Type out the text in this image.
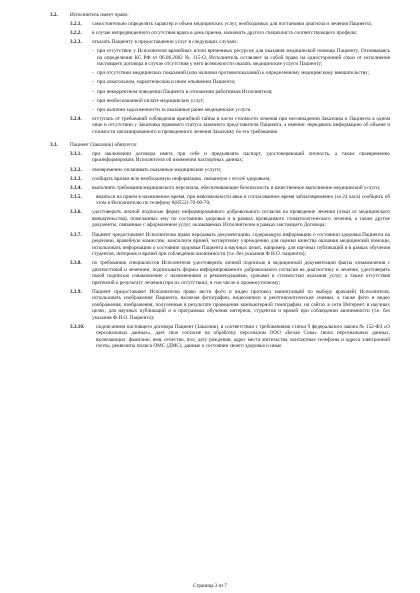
3.2.	Исполнитель имеет право:
3.2.1.	самостоятельно определять характер и объем медицинских услуг, необходимых для постановки диагноза и лечения Пациента;
3.2.2.	в случае непредвиденного отсутствия врача в день приема, назначить другого специалиста соответствующего профиля;
3.2.3.	отказать Пациенту в предоставлении услуг в следующих случаях:
- при отсутствии у Исполнителя врачебных и/или временных ресурсов для оказания медицинской помощи Пациенту. Основываясь на определении КС РФ от 06.06.2002 № 115-О, Исполнитель оставляет за собой право на односторонний отказ от исполнения настоящего договора в случае отсутствия у него возможности оказать медицинские услуги Пациенту;
- при отсутствии медицинских показаний (или наличии противопоказаний) к определенному медицинскому вмешательству;
- при алкогольном, наркотическом и ином опьянении Пациента;
- при некорректном поведении Пациента в отношении работников Исполнителя;
- при необоснованной оплате медицинских услуг;
- при наличии задолженности за оказанные ранее медицинские услуги.
3.2.4.	отступать от требований соблюдения врачебной тайны в части стоимости лечения при несовпадении Заказчика и Пациента в одном лице и отсутствии у Заказчика правового статуса законного представителя Пациента, а именно: передавать информацию об объеме и стоимости запланированного и проведенного лечения Заказчику по его требованию.
3.3.	Пациент (Заказчик) обязуется:
3.3.1.	при заключении договора иметь при себе и предъявлять паспорт, удостоверяющий личность, а также своевременно проинформировать Исполнителя об изменении паспортных данных;
3.3.2.	своевременно оплачивать оказанные медицинские услуги;
3.3.3.	сообщать врачам всю необходимую информацию, связанную с его/её здоровьем;
3.3.4.	выполнять требования медицинского персонала, обеспечивающие безопасность и качественное выполнение медицинской услуги;
3.3.5.	являться на прием в назначенное время, при невозможности явки в согласованное время заблаговременно (за 24 часа) сообщить об этом в Исполнителю по телефону 8(8552)-70-00-70;
3.3.6.	удостоверить личной подписью форму информированного добровольного согласия на проведение лечения (отказ от медицинского вмешательства), пожеланных ему по состоянию здоровья и в рамках проводимого стоматологического лечения, а также другие документы, связанные с оформлением услуг, оказываемых Исполнителем в рамках настоящего Договора;
3.3.7.	Пациент предоставляет Исполнителю право передавать документацию, содержащую информацию о состоянии здоровья Пациента на рецензию, врачебную комиссию, консилиум врачей, экспертному учреждению для оценки качества оказания медицинской помощи, использовать информацию о состоянии здоровья Пациента в научных целях, например, для научных публикаций и в рамках обучения студентов, интернов и врачей при соблюдении анонимности (т.е. без указания Ф.И.О. пациента);
3.3.8.	по требованию специалистов Исполнителя удостоверить личной подписью в медицинской документации факты ознакомления с диагностикой и лечением, подписывать формы информированного добровольного согласия на диагностику и лечение, удостоверять своей подписью ознакомление с назначениями и рекомендациями, сроками и стоимостью оказания услуг, а также отсутствия претензий к результату лечения (при их отсутствии), в том числе к промежуточному;
3.3.9.	Пациент предоставляет Исполнителю право вести фото и видео протокол манипуляций по выбору врача(ей) Исполнителя, использовать изображения Пациента, включая фотографии, видеозаписи и рентгенологические снимки, а также фото и видео изображения, изображения, полученные в результате проведения компьютерной томографии, на сайтах в сети Интернет, в научных целях, для научных публикаций и в программах обучения интернов, студентов и врачей при соблюдении анонимности (т.е. без указания Ф.И.О. Пациента);
3.3.10.	подписанием настоящего договора Пациент (Заказчик), в соответствии с требованиями статьи 9 федерального закона № 152-ФЗ «О персональных данных», дает свое согласие на обработку персоналом ООО «Белая Сова» своих персональных данных, включающих: фамилию, имя, отчество, пол, дату рождения, адрес места жительства, контактные телефоны и адреса электронной почты, реквизиты полиса ОМС (ДМС), данные о состоянии своего здоровья и иные
Страница 3 из 7
